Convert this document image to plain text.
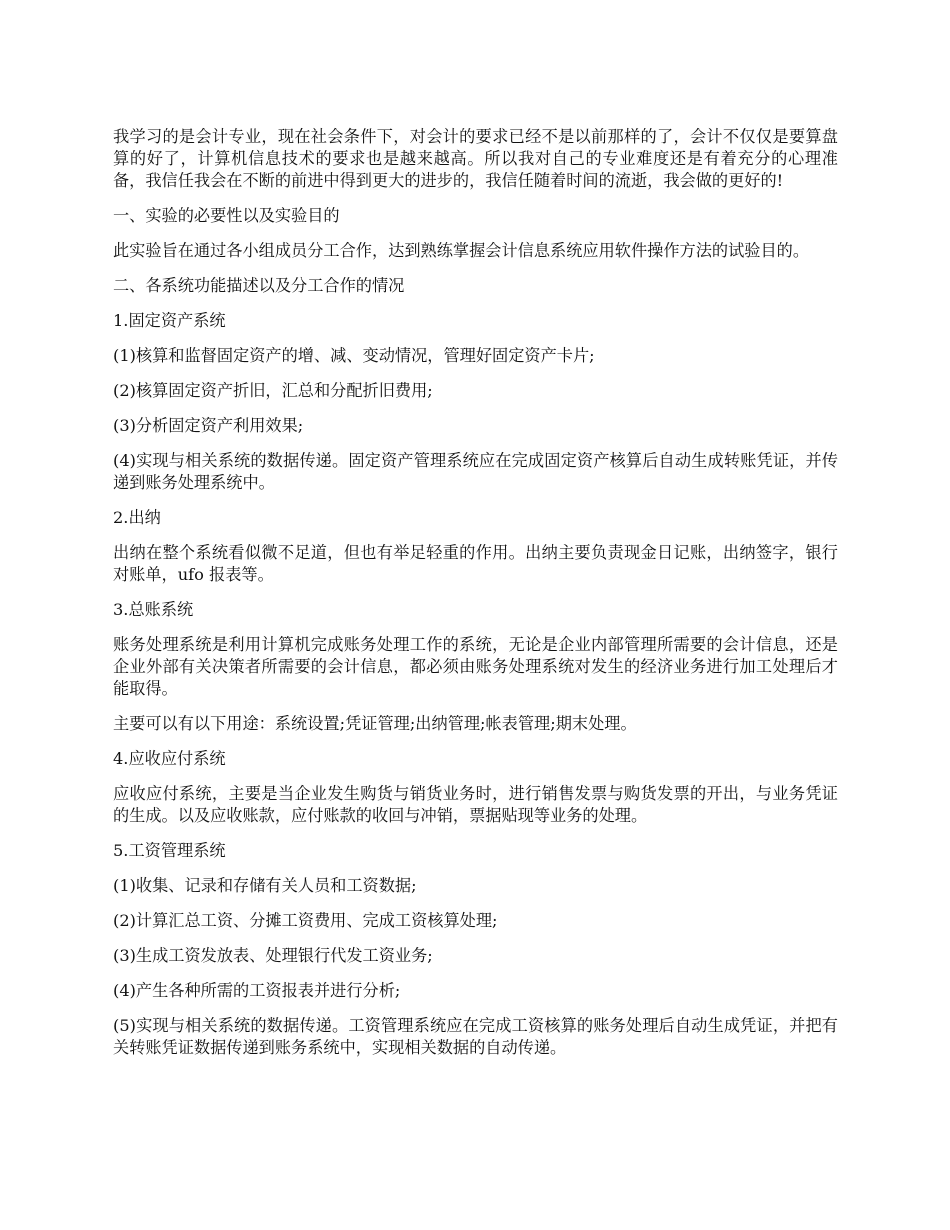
我学习的是会计专业，现在社会条件下，对会计的要求已经不是以前那样的了，会计不仅仅是要算盘算的好了，计算机信息技术的要求也是越来越高。所以我对自己的专业难度还是有着充分的心理准备，我信任我会在不断的前进中得到更大的进步的，我信任随着时间的流逝，我会做的更好的!

一、实验的必要性以及实验目的

此实验旨在通过各小组成员分工合作，达到熟练掌握会计信息系统应用软件操作方法的试验目的。

二、各系统功能描述以及分工合作的情况

1.固定资产系统

(1)核算和监督固定资产的增、减、变动情况，管理好固定资产卡片;

(2)核算固定资产折旧，汇总和分配折旧费用;

(3)分析固定资产利用效果;

(4)实现与相关系统的数据传递。固定资产管理系统应在完成固定资产核算后自动生成转账凭证，并传递到账务处理系统中。

2.出纳

出纳在整个系统看似微不足道，但也有举足轻重的作用。出纳主要负责现金日记账，出纳签字，银行对账单，ufo 报表等。

3.总账系统

账务处理系统是利用计算机完成账务处理工作的系统，无论是企业内部管理所需要的会计信息，还是企业外部有关决策者所需要的会计信息，都必须由账务处理系统对发生的经济业务进行加工处理后才能取得。

主要可以有以下用途：系统设置;凭证管理;出纳管理;帐表管理;期末处理。

4.应收应付系统

应收应付系统，主要是当企业发生购货与销货业务时，进行销售发票与购货发票的开出，与业务凭证的生成。以及应收账款，应付账款的收回与冲销，票据贴现等业务的处理。

5.工资管理系统

(1)收集、记录和存储有关人员和工资数据;

(2)计算汇总工资、分摊工资费用、完成工资核算处理;

(3)生成工资发放表、处理银行代发工资业务;

(4)产生各种所需的工资报表并进行分析;

(5)实现与相关系统的数据传递。工资管理系统应在完成工资核算的账务处理后自动生成凭证，并把有关转账凭证数据传递到账务系统中，实现相关数据的自动传递。
